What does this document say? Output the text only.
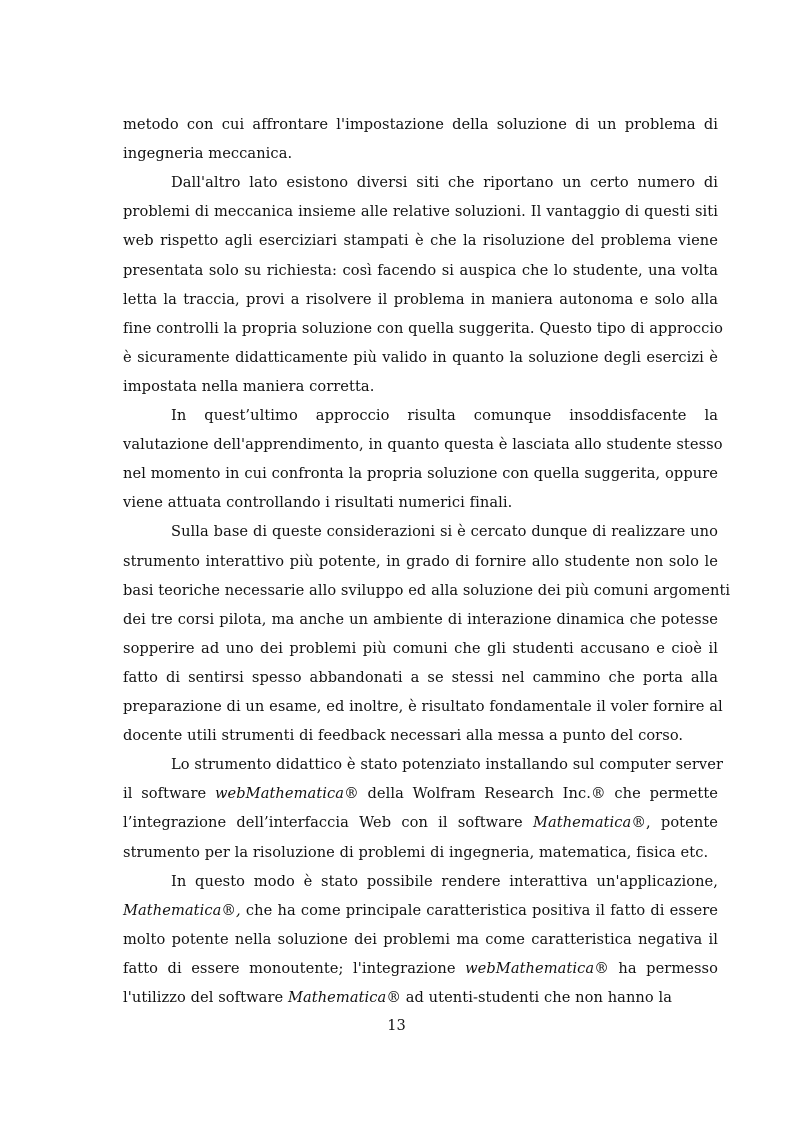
metodo con cui affrontare l'impostazione della soluzione di un problema di
ingegneria meccanica.
Dall'altro lato esistono diversi siti che riportano un certo numero di
problemi di meccanica insieme alle relative soluzioni. Il vantaggio di questi siti
web rispetto agli eserciziari stampati è che la risoluzione del problema viene
presentata solo su richiesta: così facendo si auspica che lo studente, una volta
letta la traccia, provi a risolvere il problema in maniera autonoma e solo alla
fine controlli la propria soluzione con quella suggerita. Questo tipo di approccio
è sicuramente didatticamente più valido in quanto la soluzione degli esercizi è
impostata nella maniera corretta.
In quest’ultimo approccio risulta comunque insoddisfacente la
valutazione dell'apprendimento, in quanto questa è lasciata allo studente stesso
nel momento in cui confronta la propria soluzione con quella suggerita, oppure
viene attuata controllando i risultati numerici finali.
Sulla base di queste considerazioni si è cercato dunque di realizzare uno
strumento interattivo più potente, in grado di fornire allo studente non solo le
basi teoriche necessarie allo sviluppo ed alla soluzione dei più comuni argomenti
dei tre corsi pilota, ma anche un ambiente di interazione dinamica che potesse
sopperire ad uno dei problemi più comuni che gli studenti accusano e cioè il
fatto di sentirsi spesso abbandonati a se stessi nel cammino che porta alla
preparazione di un esame, ed inoltre, è risultato fondamentale il voler fornire al
docente utili strumenti di feedback necessari alla messa a punto del corso.
Lo strumento didattico è stato potenziato installando sul computer server
il software webMathematica® della Wolfram Research Inc.® che permette
l’integrazione dell’interfaccia Web con il software Mathematica®, potente
strumento per la risoluzione di problemi di ingegneria, matematica, fisica etc.
In questo modo è stato possibile rendere interattiva un'applicazione,
Mathematica®, che ha come principale caratteristica positiva il fatto di essere
molto potente nella soluzione dei problemi ma come caratteristica negativa il
fatto di essere monoutente; l'integrazione webMathematica® ha permesso
l'utilizzo del software Mathematica® ad utenti-studenti che non hanno la
13
